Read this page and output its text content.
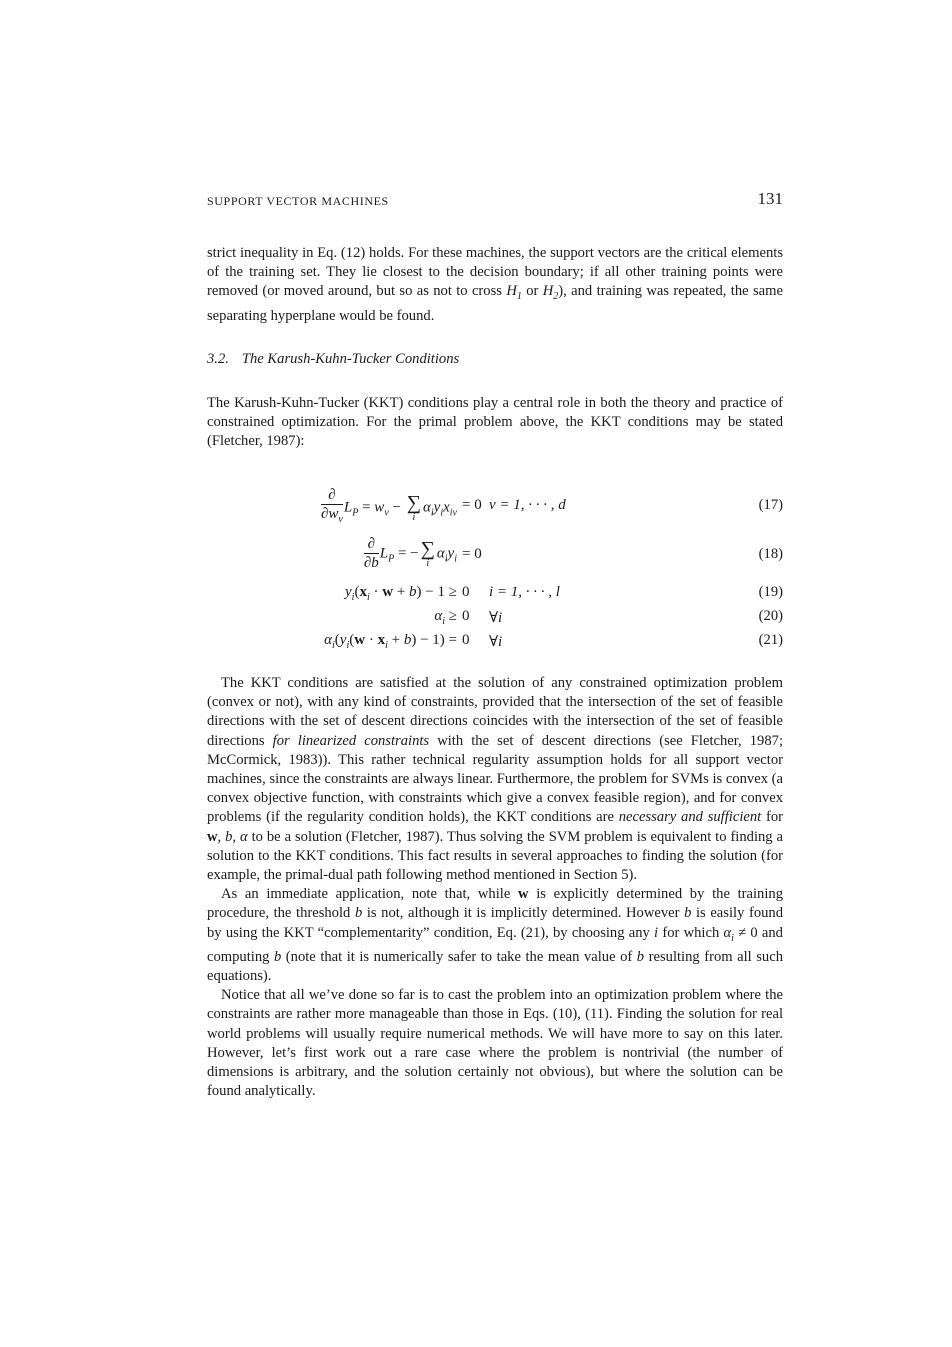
SUPPORT VECTOR MACHINES	131

strict inequality in Eq. (12) holds. For these machines, the support vectors are the critical elements of the training set. They lie closest to the decision boundary; if all other training points were removed (or moved around, but so as not to cross $H_1$ or $H_2$), and training was repeated, the same separating hyperplane would be found.

3.2. The Karush-Kuhn-Tucker Conditions

The Karush-Kuhn-Tucker (KKT) conditions play a central role in both the theory and practice of constrained optimization. For the primal problem above, the KKT conditions may be stated (Fletcher, 1987):

$\frac{\partial}{\partial w_\nu} L_P = w_\nu$ − ∑
i
$\alpha_iy_ix_{i\nu} = 0$ ν = 1, · · · , d	(17)
$\frac{\partial}{\partial b} L_P$ = − ∑
i
$\alpha_iy_i = 0$	(18)
$y_i(x_i \cdot w + b) - 1 \ge 0$ i = 1, · · · , l	(19)
$\alpha_i \ge 0$ ∀i	(20)
$\alpha_i(y_i(w \cdot x_i + b) - 1) = 0$ ∀i	(21)

The KKT conditions are satisfied at the solution of any constrained optimization problem (convex or not), with any kind of constraints, provided that the intersection of the set of feasible directions with the set of descent directions coincides with the intersection of the set of feasible directions for linearized constraints with the set of descent directions (see Fletcher, 1987; McCormick, 1983)). This rather technical regularity assumption holds for all support vector machines, since the constraints are always linear. Furthermore, the problem for SVMs is convex (a convex objective function, with constraints which give a convex feasible region), and for convex problems (if the regularity condition holds), the KKT conditions are necessary and sufficient for w, b, α to be a solution (Fletcher, 1987). Thus solving the SVM problem is equivalent to finding a solution to the KKT conditions. This fact results in several approaches to finding the solution (for example, the primal-dual path following method mentioned in Section 5).

As an immediate application, note that, while w is explicitly determined by the training procedure, the threshold b is not, although it is implicitly determined. However b is easily found by using the KKT “complementarity” condition, Eq. (21), by choosing any i for which $\alpha_i \ne 0$ and computing b (note that it is numerically safer to take the mean value of b resulting from all such equations).

Notice that all we’ve done so far is to cast the problem into an optimization problem where the constraints are rather more manageable than those in Eqs. (10), (11). Finding the solution for real world problems will usually require numerical methods. We will have more to say on this later. However, let’s first work out a rare case where the problem is nontrivial (the number of dimensions is arbitrary, and the solution certainly not obvious), but where the solution can be found analytically.
